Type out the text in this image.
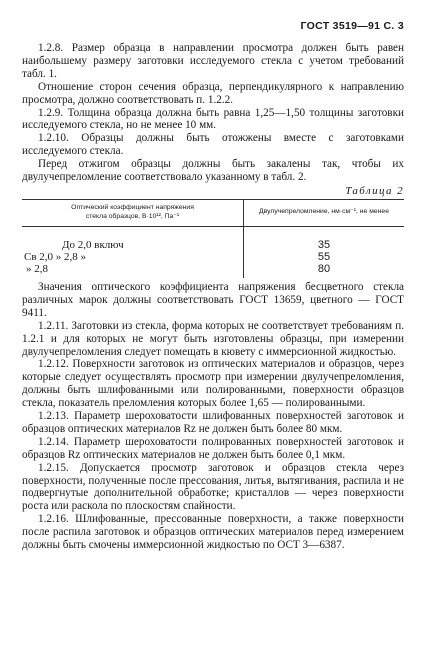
ГОСТ 3519—91 С. 3

1.2.8. Размер образца в направлении просмотра должен быть равен наибольшему размеру заготовки исследуемого стекла с учетом требований табл. 1.

Отношение сторон сечения образца, перпендикулярного к направлению просмотра, должно соответствовать п. 1.2.2.

1.2.9. Толщина образца должна быть равна 1,25—1,50 толщины заготовки исследуемого стекла, но не менее 10 мм.

1.2.10. Образцы должны быть отожжены вместе с заготовками исследуемого стекла.

Перед отжигом образцы должны быть закалены так, чтобы их двулучепреломление соответствовало указанному в табл. 2.

Таблица 2
Оптический коэффициент напряжения
стекла образцов, В·10¹², Па⁻¹	Двулучепреломление, нм·см⁻¹, не менее
До 2,0 включ	35
Св 2,0 » 2,8 »	55
» 2,8	80

Значения оптического коэффициента напряжения бесцветного стекла различных марок должны соответствовать ГОСТ 13659, цветного — ГОСТ 9411.

1.2.11. Заготовки из стекла, форма которых не соответствует требованиям п. 1.2.1 и для которых не могут быть изготовлены образцы, при измерении двулучепреломления следует помещать в кювету с иммерсионной жидкостью.

1.2.12. Поверхности заготовок из оптических материалов и образцов, через которые следует осуществлять просмотр при измерении двулучепреломления, должны быть шлифованными или полированными, поверхности образцов стекла, показатель преломления которых более 1,65 — полированными.

1.2.13. Параметр шероховатости шлифованных поверхностей заготовок и образцов оптических материалов Rz не должен быть более 80 мкм.

1.2.14. Параметр шероховатости полированных поверхностей заготовок и образцов Rz оптических материалов не должен быть более 0,1 мкм.

1.2.15. Допускается просмотр заготовок и образцов стекла через поверхности, полученные после прессования, литья, вытягивания, распила и не подвергнутые дополнительной обработке; кристаллов — через поверхности роста или раскола по плоскостям спайности.

1.2.16. Шлифованные, прессованные поверхности, а также поверхности после распила заготовок и образцов оптических материалов перед измерением должны быть смочены иммерсионной жидкостью по ОСТ 3—6387.
